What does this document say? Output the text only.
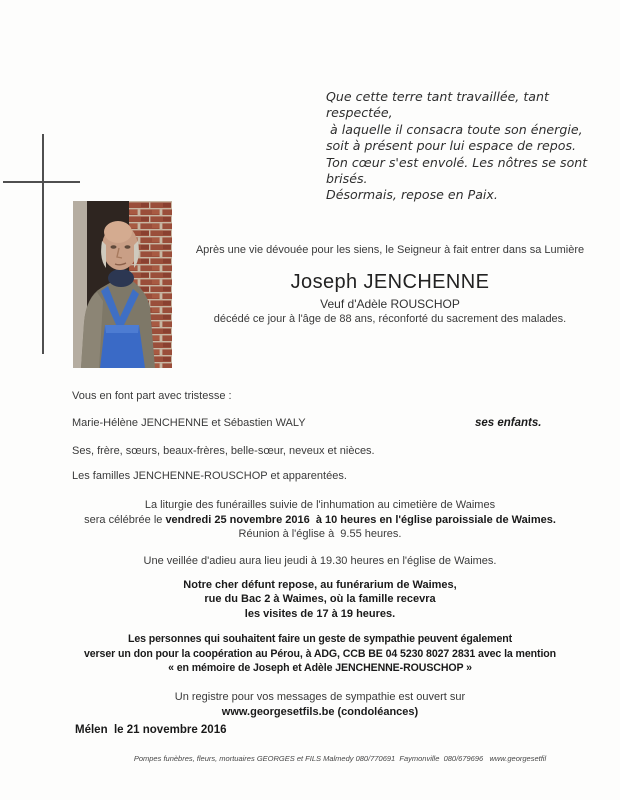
Que cette terre tant travaillée, tant respectée,
à laquelle il consacra toute son énergie,
soit à présent pour lui espace de repos.
Ton cœur s'est envolé. Les nôtres se sont brisés.
Désormais, repose en Paix.
Après une vie dévouée pour les siens, le Seigneur à fait entrer dans sa Lumière
Joseph JENCHENNE
Veuf d'Adèle ROUSCHOP
décédé ce jour à l'âge de 88 ans, réconforté du sacrement des malades.
Vous en font part avec tristesse :
Marie-Hélène JENCHENNE et Sébastien WALY	ses enfants.
Ses, frère, sœurs, beaux-frères, belle-sœur, neveux et nièces.
Les familles JENCHENNE-ROUSCHOP et apparentées.
La liturgie des funérailles suivie de l'inhumation au cimetière de Waimes
sera célébrée le vendredi 25 novembre 2016  à 10 heures en l'église paroissiale de Waimes.
Réunion à l'église à  9.55 heures.
Une veillée d'adieu aura lieu jeudi à 19.30 heures en l'église de Waimes.
Notre cher défunt repose, au funérarium de Waimes,
rue du Bac 2 à Waimes, où la famille recevra
les visites de 17 à 19 heures.
Les personnes qui souhaitent faire un geste de sympathie peuvent également
verser un don pour la coopération au Pérou, à ADG, CCB BE 04 5230 8027 2831 avec la mention
« en mémoire de Joseph et Adèle JENCHENNE-ROUSCHOP »
Un registre pour vos messages de sympathie est ouvert sur
www.georgesetfils.be (condoléances)
Mélen  le 21 novembre 2016
Pompes funèbres, fleurs, mortuaires GEORGES et FILS Malmedy 080/770691  Faymonville  080/679696   www.georgesetfil
